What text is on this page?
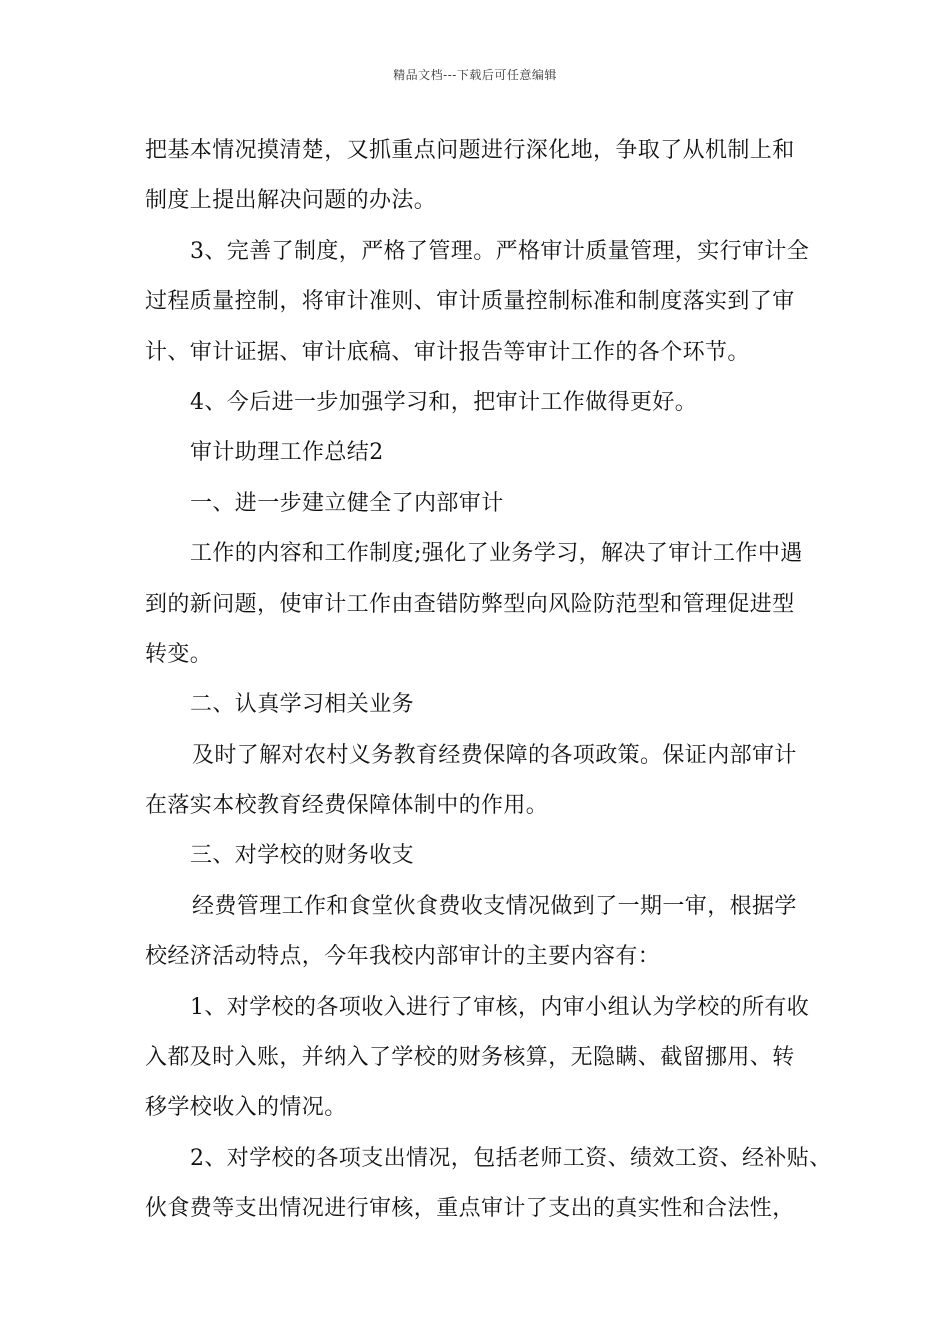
精品文档---下载后可任意编辑
把基本情况摸清楚，又抓重点问题进行深化地，争取了从机制上和
制度上提出解决问题的办法。
3、完善了制度，严格了管理。严格审计质量管理，实行审计全
过程质量控制，将审计准则、审计质量控制标准和制度落实到了审
计、审计证据、审计底稿、审计报告等审计工作的各个环节。
4、今后进一步加强学习和，把审计工作做得更好。
审计助理工作总结2
一、进一步建立健全了内部审计
工作的内容和工作制度;强化了业务学习，解决了审计工作中遇
到的新问题，使审计工作由查错防弊型向风险防范型和管理促进型
转变。
二、认真学习相关业务
及时了解对农村义务教育经费保障的各项政策。保证内部审计
在落实本校教育经费保障体制中的作用。
三、对学校的财务收支
经费管理工作和食堂伙食费收支情况做到了一期一审，根据学
校经济活动特点，今年我校内部审计的主要内容有：
1、对学校的各项收入进行了审核，内审小组认为学校的所有收
入都及时入账，并纳入了学校的财务核算，无隐瞒、截留挪用、转
移学校收入的情况。
2、对学校的各项支出情况，包括老师工资、绩效工资、经补贴、
伙食费等支出情况进行审核，重点审计了支出的真实性和合法性，
